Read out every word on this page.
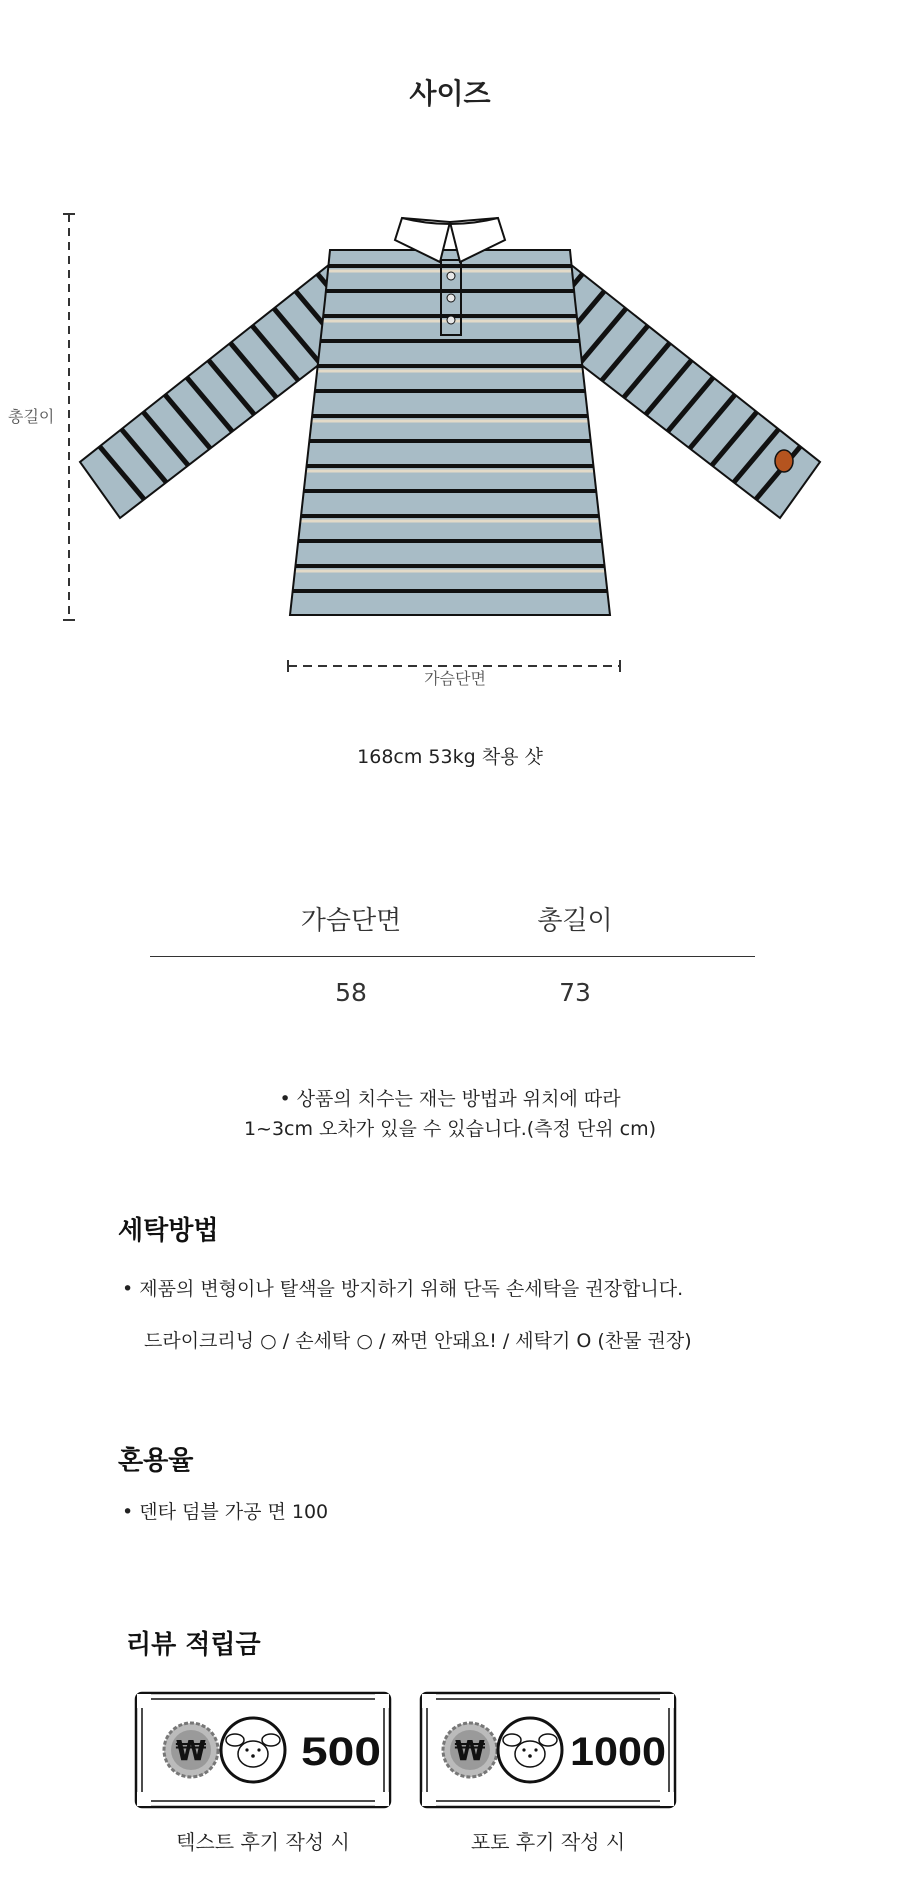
사이즈
총길이
가슴단면
168cm 53kg 착용 샷
가슴단면	총길이
58	73
• 상품의 치수는 재는 방법과 위치에 따라
1~3cm 오차가 있을 수 있습니다.(측정 단위 cm)
세탁방법
• 제품의 변형이나 탈색을 방지하기 위해 단독 손세탁을 권장합니다.
드라이크리닝 ○ / 손세탁 ○ / 짜면 안돼요! / 세탁기 O (찬물 권장)
혼용율
• 덴타 덤블 가공 면 100
리뷰 적립금
₩ 500	₩ 1000
텍스트 후기 작성 시	포토 후기 작성 시
